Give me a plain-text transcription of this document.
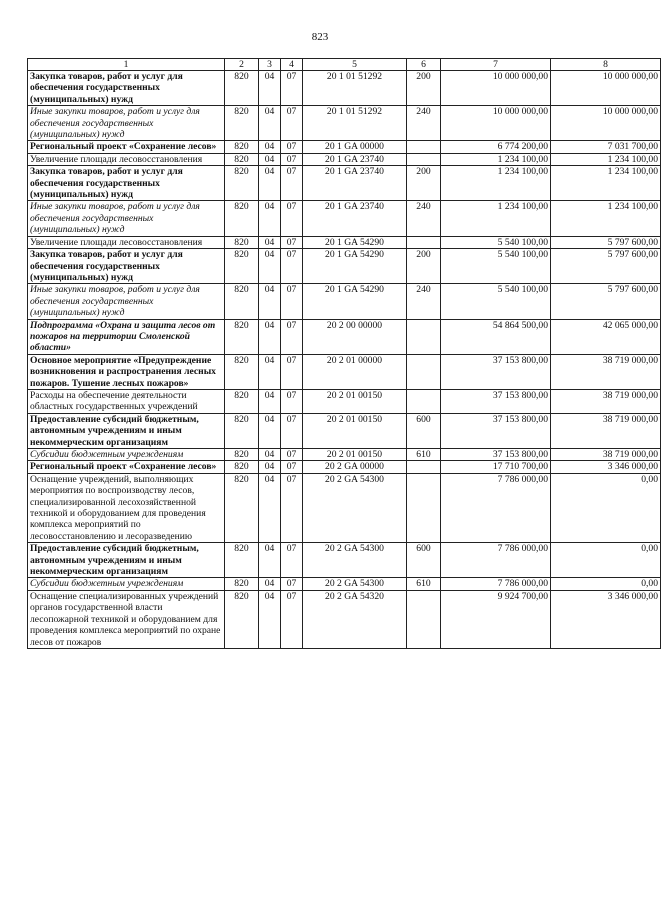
823
1	2	3	4	5	6	7	8
Закупка товаров, работ и услуг для обеспечения государственных (муниципальных) нужд	820	04	07	20 1 01 51292	200	10 000 000,00	10 000 000,00
Иные закупки товаров, работ и услуг для обеспечения государственных (муниципальных) нужд	820	04	07	20 1 01 51292	240	10 000 000,00	10 000 000,00
Региональный проект «Сохранение лесов»	820	04	07	20 1 GA 00000		6 774 200,00	7 031 700,00
Увеличение площади лесовосстановления	820	04	07	20 1 GA 23740		1 234 100,00	1 234 100,00
Закупка товаров, работ и услуг для обеспечения государственных (муниципальных) нужд	820	04	07	20 1 GA 23740	200	1 234 100,00	1 234 100,00
Иные закупки товаров, работ и услуг для обеспечения государственных (муниципальных) нужд	820	04	07	20 1 GA 23740	240	1 234 100,00	1 234 100,00
Увеличение площади лесовосстановления	820	04	07	20 1 GA 54290		5 540 100,00	5 797 600,00
Закупка товаров, работ и услуг для обеспечения государственных (муниципальных) нужд	820	04	07	20 1 GA 54290	200	5 540 100,00	5 797 600,00
Иные закупки товаров, работ и услуг для обеспечения государственных (муниципальных) нужд	820	04	07	20 1 GA 54290	240	5 540 100,00	5 797 600,00
Подпрограмма «Охрана и защита лесов от пожаров на территории Смоленской области»	820	04	07	20 2 00 00000		54 864 500,00	42 065 000,00
Основное мероприятие «Предупреждение возникновения и распространения лесных пожаров. Тушение лесных пожаров»	820	04	07	20 2 01 00000		37 153 800,00	38 719 000,00
Расходы на обеспечение деятельности областных государственных учреждений	820	04	07	20 2 01 00150		37 153 800,00	38 719 000,00
Предоставление субсидий бюджетным, автономным учреждениям и иным некоммерческим организациям	820	04	07	20 2 01 00150	600	37 153 800,00	38 719 000,00
Субсидии бюджетным учреждениям	820	04	07	20 2 01 00150	610	37 153 800,00	38 719 000,00
Региональный проект «Сохранение лесов»	820	04	07	20 2 GA 00000		17 710 700,00	3 346 000,00
Оснащение учреждений, выполняющих мероприятия по воспроизводству лесов, специализированной лесохозяйственной техникой и оборудованием для проведения комплекса мероприятий по лесовосстановлению и лесоразведению	820	04	07	20 2 GA 54300		7 786 000,00	0,00
Предоставление субсидий бюджетным, автономным учреждениям и иным некоммерческим организациям	820	04	07	20 2 GA 54300	600	7 786 000,00	0,00
Субсидии бюджетным учреждениям	820	04	07	20 2 GA 54300	610	7 786 000,00	0,00
Оснащение специализированных учреждений органов государственной власти лесопожарной техникой и оборудованием для проведения комплекса мероприятий по охране лесов от пожаров	820	04	07	20 2 GA 54320		9 924 700,00	3 346 000,00
